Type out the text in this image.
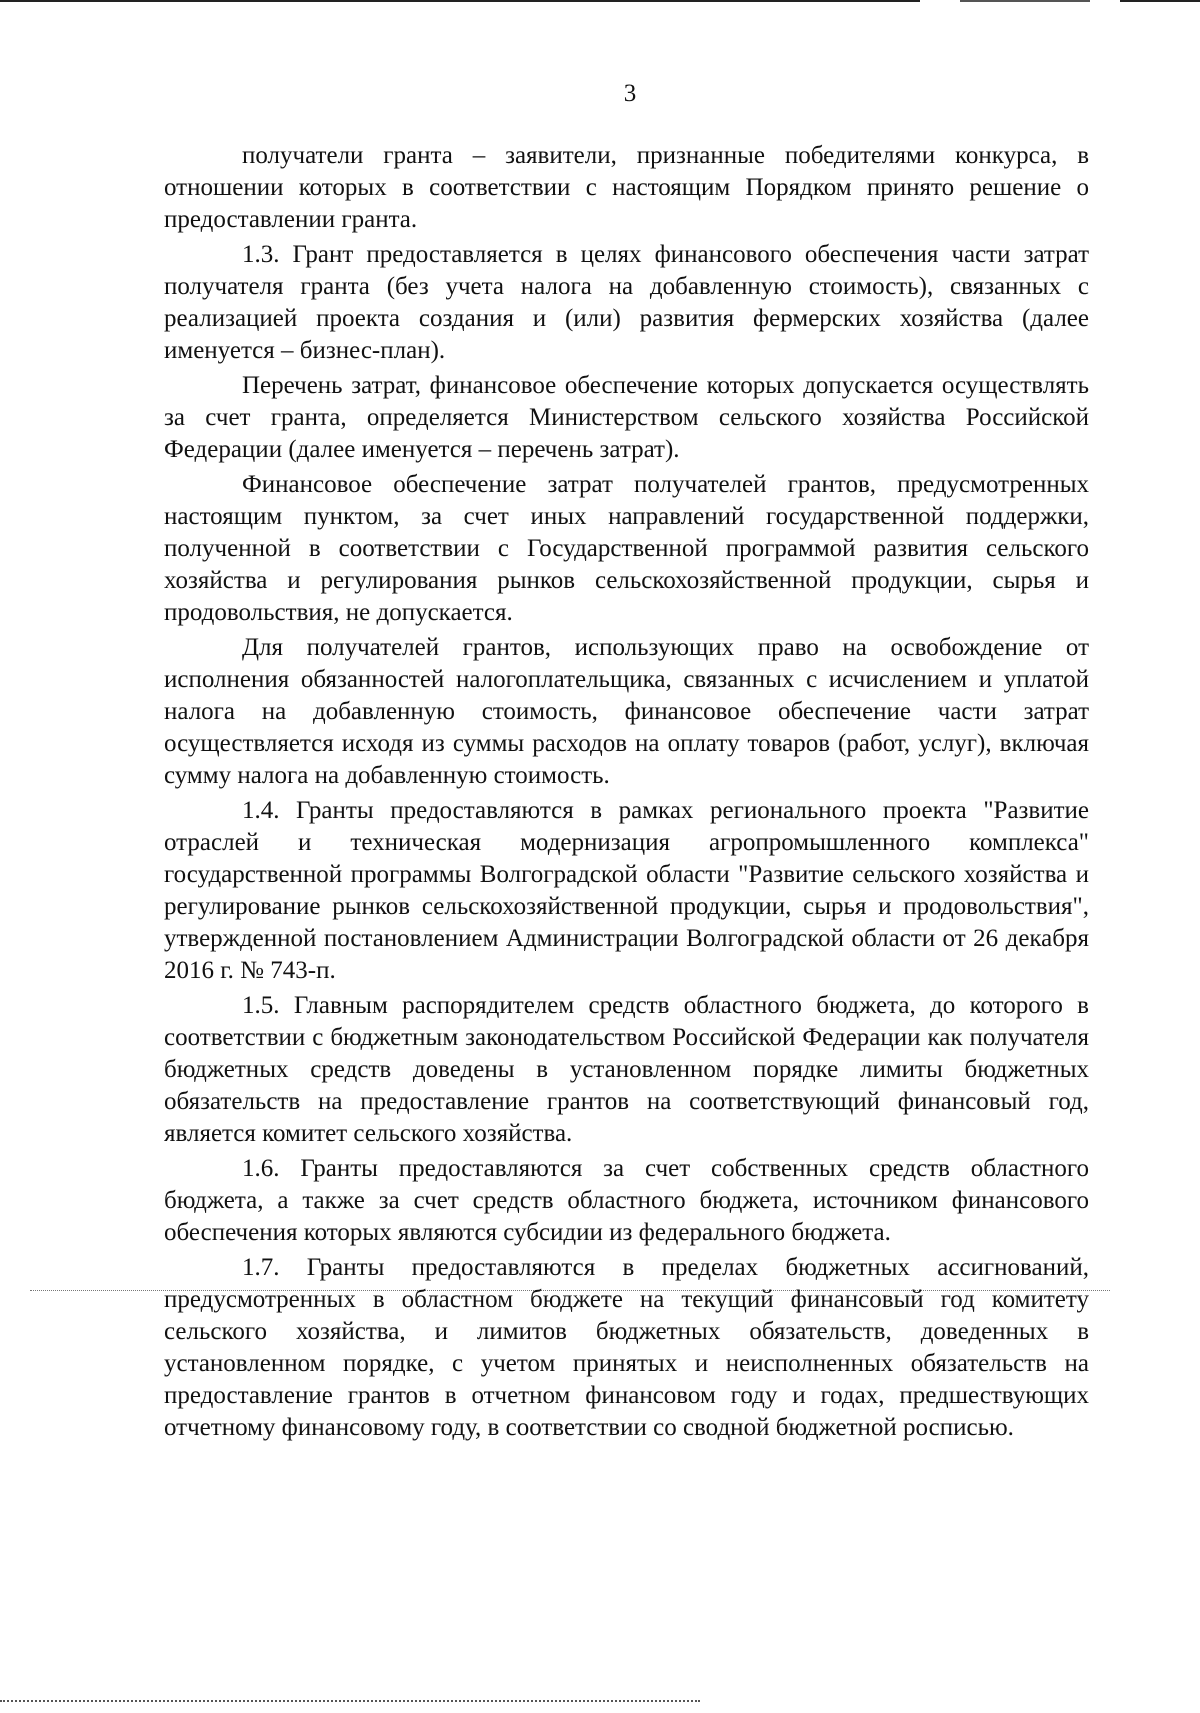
3

получатели гранта – заявители, признанные победителями конкурса, в отношении которых в соответствии с настоящим Порядком принято решение о предоставлении гранта.

1.3. Грант предоставляется в целях финансового обеспечения части затрат получателя гранта (без учета налога на добавленную стоимость), связанных с реализацией проекта создания и (или) развития фермерских хозяйства (далее именуется – бизнес-план).

Перечень затрат, финансовое обеспечение которых допускается осуществлять за счет гранта, определяется Министерством сельского хозяйства Российской Федерации (далее именуется – перечень затрат).

Финансовое обеспечение затрат получателей грантов, предусмотренных настоящим пунктом, за счет иных направлений государственной поддержки, полученной в соответствии с Государственной программой развития сельского хозяйства и регулирования рынков сельскохозяйственной продукции, сырья и продовольствия, не допускается.

Для получателей грантов, использующих право на освобождение от исполнения обязанностей налогоплательщика, связанных с исчислением и уплатой налога на добавленную стоимость, финансовое обеспечение части затрат осуществляется исходя из суммы расходов на оплату товаров (работ, услуг), включая сумму налога на добавленную стоимость.

1.4. Гранты предоставляются в рамках регионального проекта "Развитие отраслей и техническая модернизация агропромышленного комплекса" государственной программы Волгоградской области "Развитие сельского хозяйства и регулирование рынков сельскохозяйственной продукции, сырья и продовольствия", утвержденной постановлением Администрации Волгоградской области от 26 декабря 2016 г. № 743-п.

1.5. Главным распорядителем средств областного бюджета, до которого в соответствии с бюджетным законодательством Российской Федерации как получателя бюджетных средств доведены в установленном порядке лимиты бюджетных обязательств на предоставление грантов на соответствующий финансовый год, является комитет сельского хозяйства.

1.6. Гранты предоставляются за счет собственных средств областного бюджета, а также за счет средств областного бюджета, источником финансового обеспечения которых являются субсидии из федерального бюджета.

1.7. Гранты предоставляются в пределах бюджетных ассигнований, предусмотренных в областном бюджете на текущий финансовый год комитету сельского хозяйства, и лимитов бюджетных обязательств, доведенных в установленном порядке, с учетом принятых и неисполненных обязательств на предоставление грантов в отчетном финансовом году и годах, предшествующих отчетному финансовому году, в соответствии со сводной бюджетной росписью.
